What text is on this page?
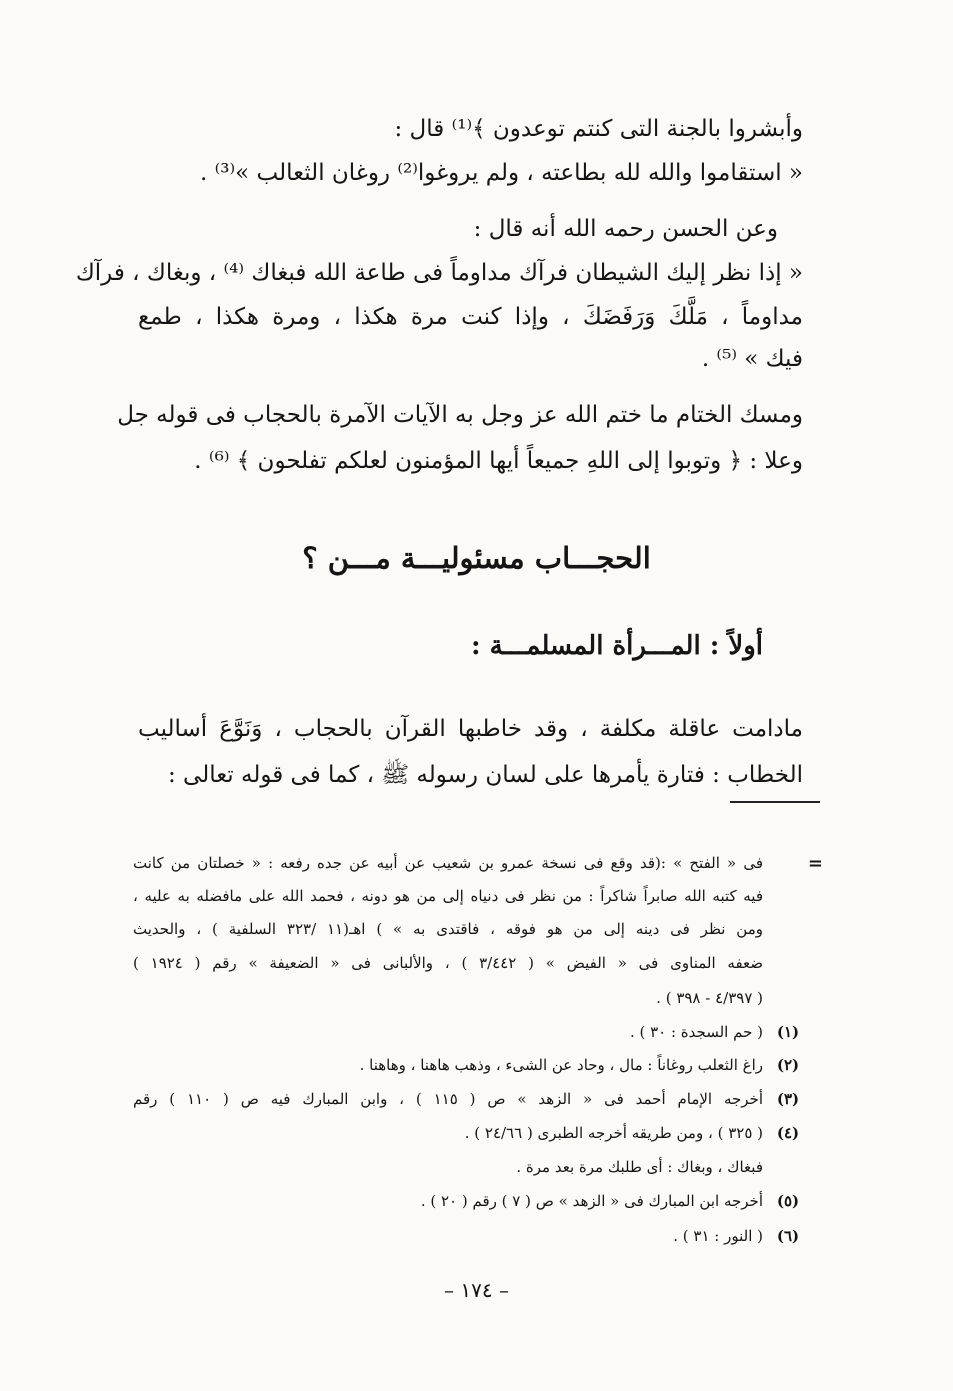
وأبشروا بالجنة التى كنتم توعدون ﴾⁽¹⁾ قال :
« استقاموا والله لله بطاعته ، ولم يروغوا⁽²⁾ روغان الثعالب »⁽³⁾ .
وعن الحسن رحمه الله أنه قال :
« إذا نظر إليك الشيطان فرآك مداوماً فى طاعة الله فبغاك ⁽⁴⁾ ، وبغاك ، فرآك
مداوماً ، مَلَّكَ وَرَفَضَكَ ، وإذا كنت مرة هكذا ، ومرة هكذا ، طمع
فيك » ⁽⁵⁾ .
ومسك الختام ما ختم الله عز وجل به الآيات الآمرة بالحجاب فى قوله جل
وعلا : ﴿ وتوبوا إلى اللهِ جميعاً أيها المؤمنون لعلكم تفلحون ﴾ ⁽⁶⁾ .
الحجـــاب مسئوليـــة مـــن ؟
أولاً : المـــرأة المسلمـــة :
مادامت عاقلة مكلفة ، وقد خاطبها القرآن بالحجاب ، وَنَوَّعَ أساليب
الخطاب : فتارة يأمرها على لسان رسوله ﷺ ، كما فى قوله تعالى :
=
فى « الفتح » :(قد وقع فى نسخة عمرو بن شعيب عن أبيه عن جده رفعه : « خصلتان من كانت
فيه كتبه الله صابراً شاكراً : من نظر فى دنياه إلى من هو دونه ، فحمد الله على مافضله به عليه ،
ومن نظر فى دينه إلى من هو فوقه ، فاقتدى به » ) اهـ(١١ /٣٢٣ السلفية ) ، والحديث
ضعفه المناوى فى « الفيض » ( ٣/٤٤٢ ) ، والألبانى فى « الضعيفة » رقم ( ١٩٢٤ )
( ٤/٣٩٧ - ٣٩٨ ) .
(١)
( حم السجدة : ٣٠ ) .
(٢)
راغ الثعلب روغاناً : مال ، وحاد عن الشىء ، وذهب هاهنا ، وهاهنا .
(٣)
أخرجه الإمام أحمد فى « الزهد » ص ( ١١٥ ) ، وابن المبارك فيه ص ( ١١٠ ) رقم
(٤)
( ٣٢٥ ) ، ومن طريقه أخرجه الطبرى ( ٢٤/٦٦ ) .
فبغاك ، وبغاك : أى طلبك مرة بعد مرة .
(٥)
أخرجه ابن المبارك فى « الزهد » ص ( ٧ ) رقم ( ٢٠ ) .
(٦)
( النور : ٣١ ) .
– ١٧٤ –
